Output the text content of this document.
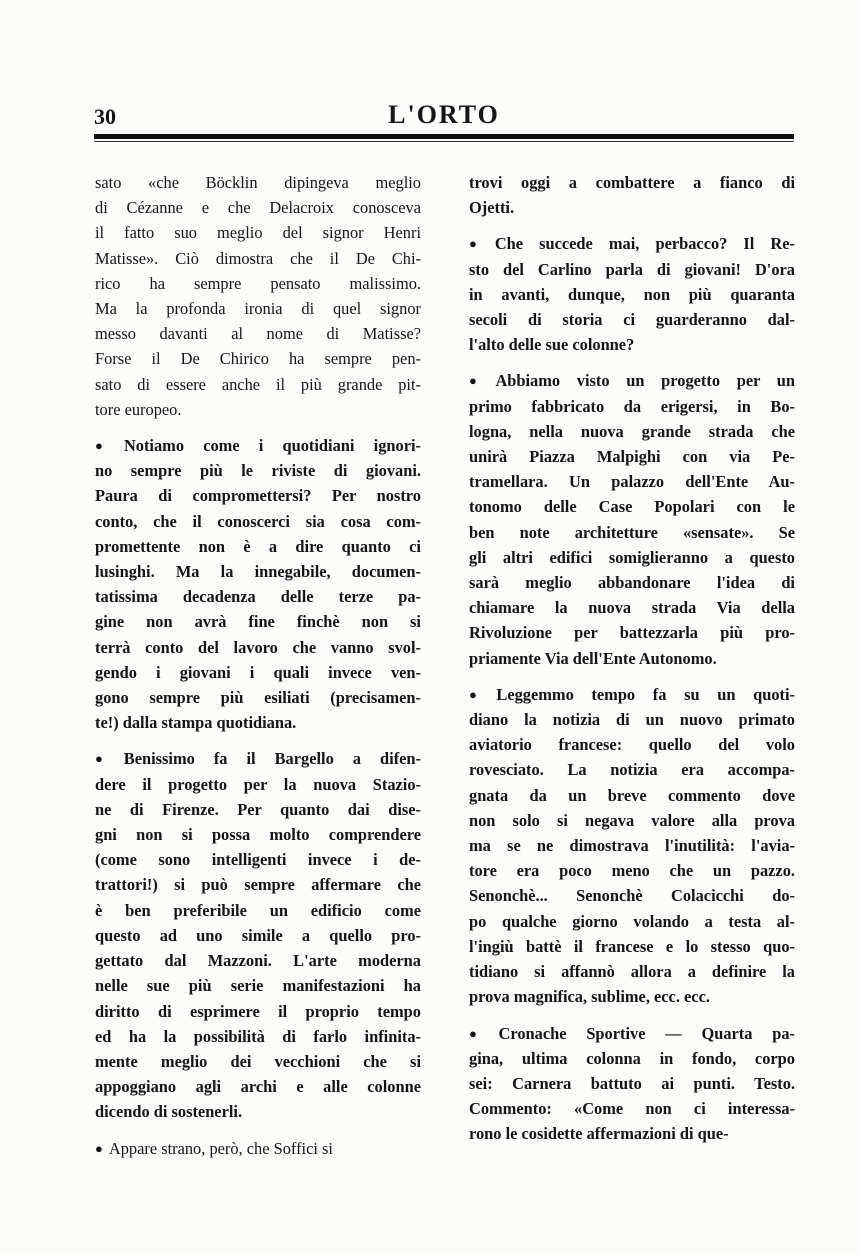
30	L'ORTO
sato «che Böcklin dipingeva meglio
di Cézanne e che Delacroix conosceva
il fatto suo meglio del signor Henri
Matisse». Ciò dimostra che il De Chi-
rico ha sempre pensato malissimo.
Ma la profonda ironia di quel signor
messo davanti al nome di Matisse?
Forse il De Chirico ha sempre pen-
sato di essere anche il più grande pit-
tore europeo.
● Notiamo come i quotidiani ignori-
no sempre più le riviste di giovani.
Paura di compromettersi? Per nostro
conto, che il conoscerci sia cosa com-
promettente non è a dire quanto ci
lusinghi. Ma la innegabile, documen-
tatissima decadenza delle terze pa-
gine non avrà fine finchè non si
terrà conto del lavoro che vanno svol-
gendo i giovani i quali invece ven-
gono sempre più esiliati (precisamen-
te!) dalla stampa quotidiana.
● Benissimo fa il Bargello a difen-
dere il progetto per la nuova Stazio-
ne di Firenze. Per quanto dai dise-
gni non si possa molto comprendere
(come sono intelligenti invece i de-
trattori!) si può sempre affermare che
è ben preferibile un edificio come
questo ad uno simile a quello pro-
gettato dal Mazzoni. L'arte moderna
nelle sue più serie manifestazioni ha
diritto di esprimere il proprio tempo
ed ha la possibilità di farlo infinita-
mente meglio dei vecchioni che si
appoggiano agli archi e alle colonne
dicendo di sostenerli.
● Appare strano, però, che Soffici si
trovi oggi a combattere a fianco di
Ojetti.
● Che succede mai, perbacco? Il Re-
sto del Carlino parla di giovani! D'ora
in avanti, dunque, non più quaranta
secoli di storia ci guarderanno dal-
l'alto delle sue colonne?
● Abbiamo visto un progetto per un
primo fabbricato da erigersi, in Bo-
logna, nella nuova grande strada che
unirà Piazza Malpighi con via Pe-
tramellara. Un palazzo dell'Ente Au-
tonomo delle Case Popolari con le
ben note architetture «sensate». Se
gli altri edifici somiglieranno a questo
sarà meglio abbandonare l'idea di
chiamare la nuova strada Via della
Rivoluzione per battezzarla più pro-
priamente Via dell'Ente Autonomo.
● Leggemmo tempo fa su un quoti-
diano la notizia di un nuovo primato
aviatorio francese: quello del volo
rovesciato. La notizia era accompa-
gnata da un breve commento dove
non solo si negava valore alla prova
ma se ne dimostrava l'inutilità: l'avia-
tore era poco meno che un pazzo.
Senonchè... Senonchè Colacicchi do-
po qualche giorno volando a testa al-
l'ingiù battè il francese e lo stesso quo-
tidiano si affannò allora a definire la
prova magnifica, sublime, ecc. ecc.
● Cronache Sportive — Quarta pa-
gina, ultima colonna in fondo, corpo
sei: Carnera battuto ai punti. Testo.
Commento: «Come non ci interessa-
rono le cosidette affermazioni di que-
